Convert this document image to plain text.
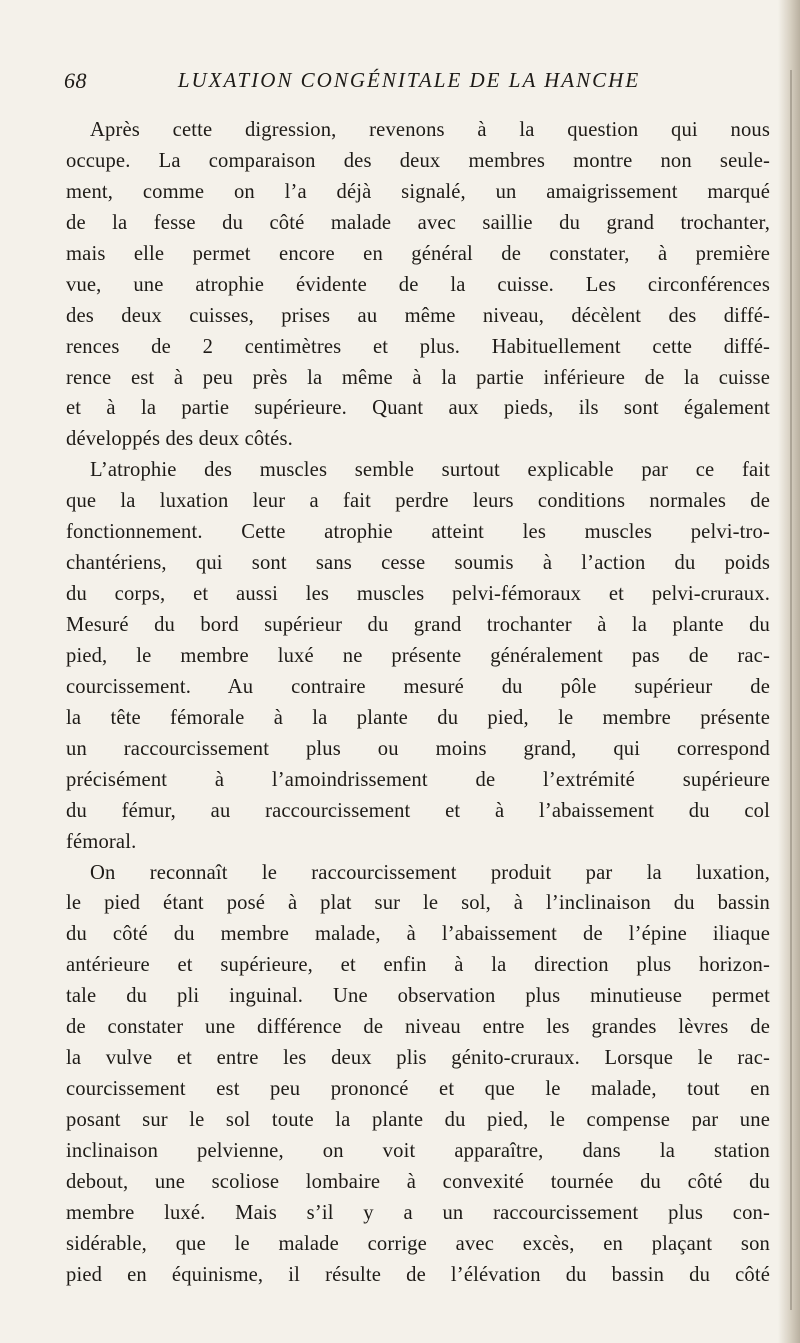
68	LUXATION CONGÉNITALE DE LA HANCHE
Après cette digression, revenons à la question qui nous
occupe. La comparaison des deux membres montre non seule-
ment, comme on l’a déjà signalé, un amaigrissement marqué
de la fesse du côté malade avec saillie du grand trochanter,
mais elle permet encore en général de constater, à première
vue, une atrophie évidente de la cuisse. Les circonférences
des deux cuisses, prises au même niveau, décèlent des diffé-
rences de 2 centimètres et plus. Habituellement cette diffé-
rence est à peu près la même à la partie inférieure de la cuisse
et à la partie supérieure. Quant aux pieds, ils sont également
développés des deux côtés.
L’atrophie des muscles semble surtout explicable par ce fait
que la luxation leur a fait perdre leurs conditions normales de
fonctionnement. Cette atrophie atteint les muscles pelvi-tro-
chantériens, qui sont sans cesse soumis à l’action du poids
du corps, et aussi les muscles pelvi-fémoraux et pelvi-cruraux.
Mesuré du bord supérieur du grand trochanter à la plante du
pied, le membre luxé ne présente généralement pas de rac-
courcissement. Au contraire mesuré du pôle supérieur de
la tête fémorale à la plante du pied, le membre présente
un raccourcissement plus ou moins grand, qui correspond
précisément à l’amoindrissement de l’extrémité supérieure
du fémur, au raccourcissement et à l’abaissement du col
fémoral.
On reconnaît le raccourcissement produit par la luxation,
le pied étant posé à plat sur le sol, à l’inclinaison du bassin
du côté du membre malade, à l’abaissement de l’épine iliaque
antérieure et supérieure, et enfin à la direction plus horizon-
tale du pli inguinal. Une observation plus minutieuse permet
de constater une différence de niveau entre les grandes lèvres de
la vulve et entre les deux plis génito-cruraux. Lorsque le rac-
courcissement est peu prononcé et que le malade, tout en
posant sur le sol toute la plante du pied, le compense par une
inclinaison pelvienne, on voit apparaître, dans la station
debout, une scoliose lombaire à convexité tournée du côté du
membre luxé. Mais s’il y a un raccourcissement plus con-
sidérable, que le malade corrige avec excès, en plaçant son
pied en équinisme, il résulte de l’élévation du bassin du côté
